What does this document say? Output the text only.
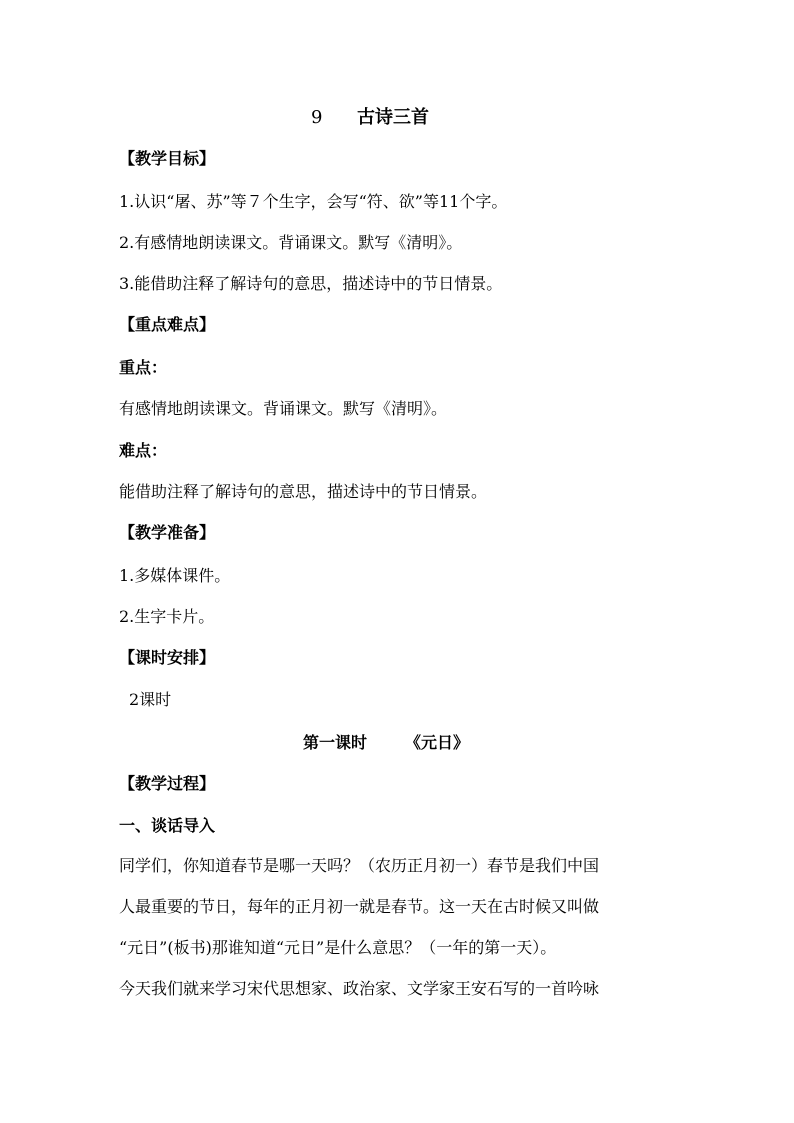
9 古诗三首
【教学目标】
1.认识“屠、苏”等７个生字，会写“符、欲”等11个字。
2.有感情地朗读课文。背诵课文。默写《清明》。
3.能借助注释了解诗句的意思，描述诗中的节日情景。
【重点难点】
重点：
有感情地朗读课文。背诵课文。默写《清明》。
难点：
能借助注释了解诗句的意思，描述诗中的节日情景。
【教学准备】
1.多媒体课件。
2.生字卡片。
【课时安排】
2课时
第一课时 《元日》
【教学过程】
一、谈话导入
同学们，你知道春节是哪一天吗？（农历正月初一）春节是我们中国
人最重要的节日，每年的正月初一就是春节。这一天在古时候又叫做
“元日”(板书)那谁知道“元日”是什么意思？（一年的第一天）。
今天我们就来学习宋代思想家、政治家、文学家王安石写的一首吟咏
